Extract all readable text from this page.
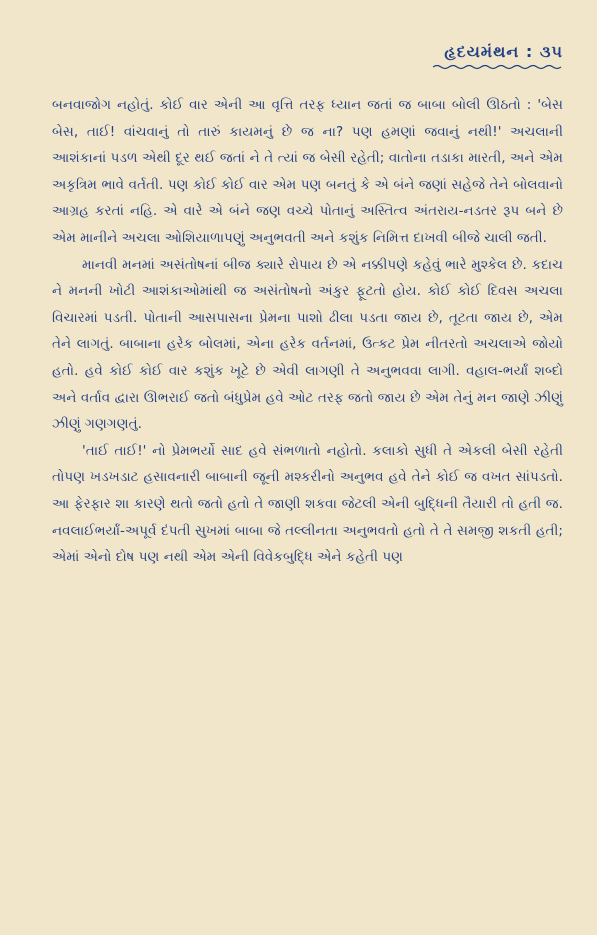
હૃદયમંથન : ૩૫

બનવાજોગ નહોતું. કોઈ વાર એની આ વૃત્તિ તરફ ધ્યાન જતાં જ બાબા બોલી ઊઠતો : 'બેસ બેસ, તાઈ! વાંચવાનું તો તારું કાયમનું છે જ ના? પણ હમણાં જવાનું નથી!' અચલાની આશંકાનાં પડળ એથી દૂર થઈ જતાં ને તે ત્યાં જ બેસી રહેતી; વાતોના તડાકા મારતી, અને એમ અકૃત્રિમ ભાવે વર્તતી. પણ કોઈ કોઈ વાર એમ પણ બનતું કે એ બંને જણાં સહેજે તેને બોલવાનો આગ્રહ કરતાં નહિ. એ વારે એ બંને જણ વચ્ચે પોતાનું અસ્તિત્વ અંતરાય-નડતર રૂપ બને છે એમ માનીને અચલા ઓશિયાળાપણું અનુભવતી અને કશુંક નિમિત્ત દાખવી બીજે ચાલી જતી.

માનવી મનમાં અસંતોષનાં બીજ ક્યારે રોપાય છે એ નક્કીપણે કહેવું ભારે મુશ્કેલ છે. કદાચ ને મનની ખોટી આશંકાઓમાંથી જ અસંતોષનો અંકુર ફૂટતો હોય. કોઈ કોઈ દિવસ અચલા વિચારમાં પડતી. પોતાની આસપાસના પ્રેમના પાશો ઢીલા પડતા જાય છે, તૂટતા જાય છે, એમ તેને લાગતું. બાબાના હરેક બોલમાં, એના હરેક વર્તનમાં, ઉત્કટ પ્રેમ નીતરતો અચલાએ જોયો હતો. હવે કોઈ કોઈ વાર કશુંક ખૂટે છે એવી લાગણી તે અનુભવવા લાગી. વહાલ-ભર્યાં શબ્દો અને વર્તાવ દ્વારા ઊભરાઈ જતો બંધુપ્રેમ હવે ઓટ તરફ જતો જાય છે એમ તેનું મન જાણે ઝીણું ઝીણું ગણગણતું.

'તાઈ તાઈ!' નો પ્રેમભર્યો સાદ હવે સંભળાતો નહોતો. કલાકો સુધી તે એકલી બેસી રહેતી તોપણ ખડખડાટ હસાવનારી બાબાની જૂની મશ્કરીનો અનુભવ હવે તેને કોઈ જ વખત સાંપડતો. આ ફેરફાર શા કારણે થતો જતો હતો તે જાણી શકવા જેટલી એની બુદ્ધિની તૈયારી તો હતી જ. નવલાઈભર્યાં-અપૂર્વ દંપતી સુખમાં બાબા જે તલ્લીનતા અનુભવતો હતો તે તે સમજી શકતી હતી; એમાં એનો દોષ પણ નથી એમ એની વિવેકબુદ્ધિ એને કહેતી પણ
